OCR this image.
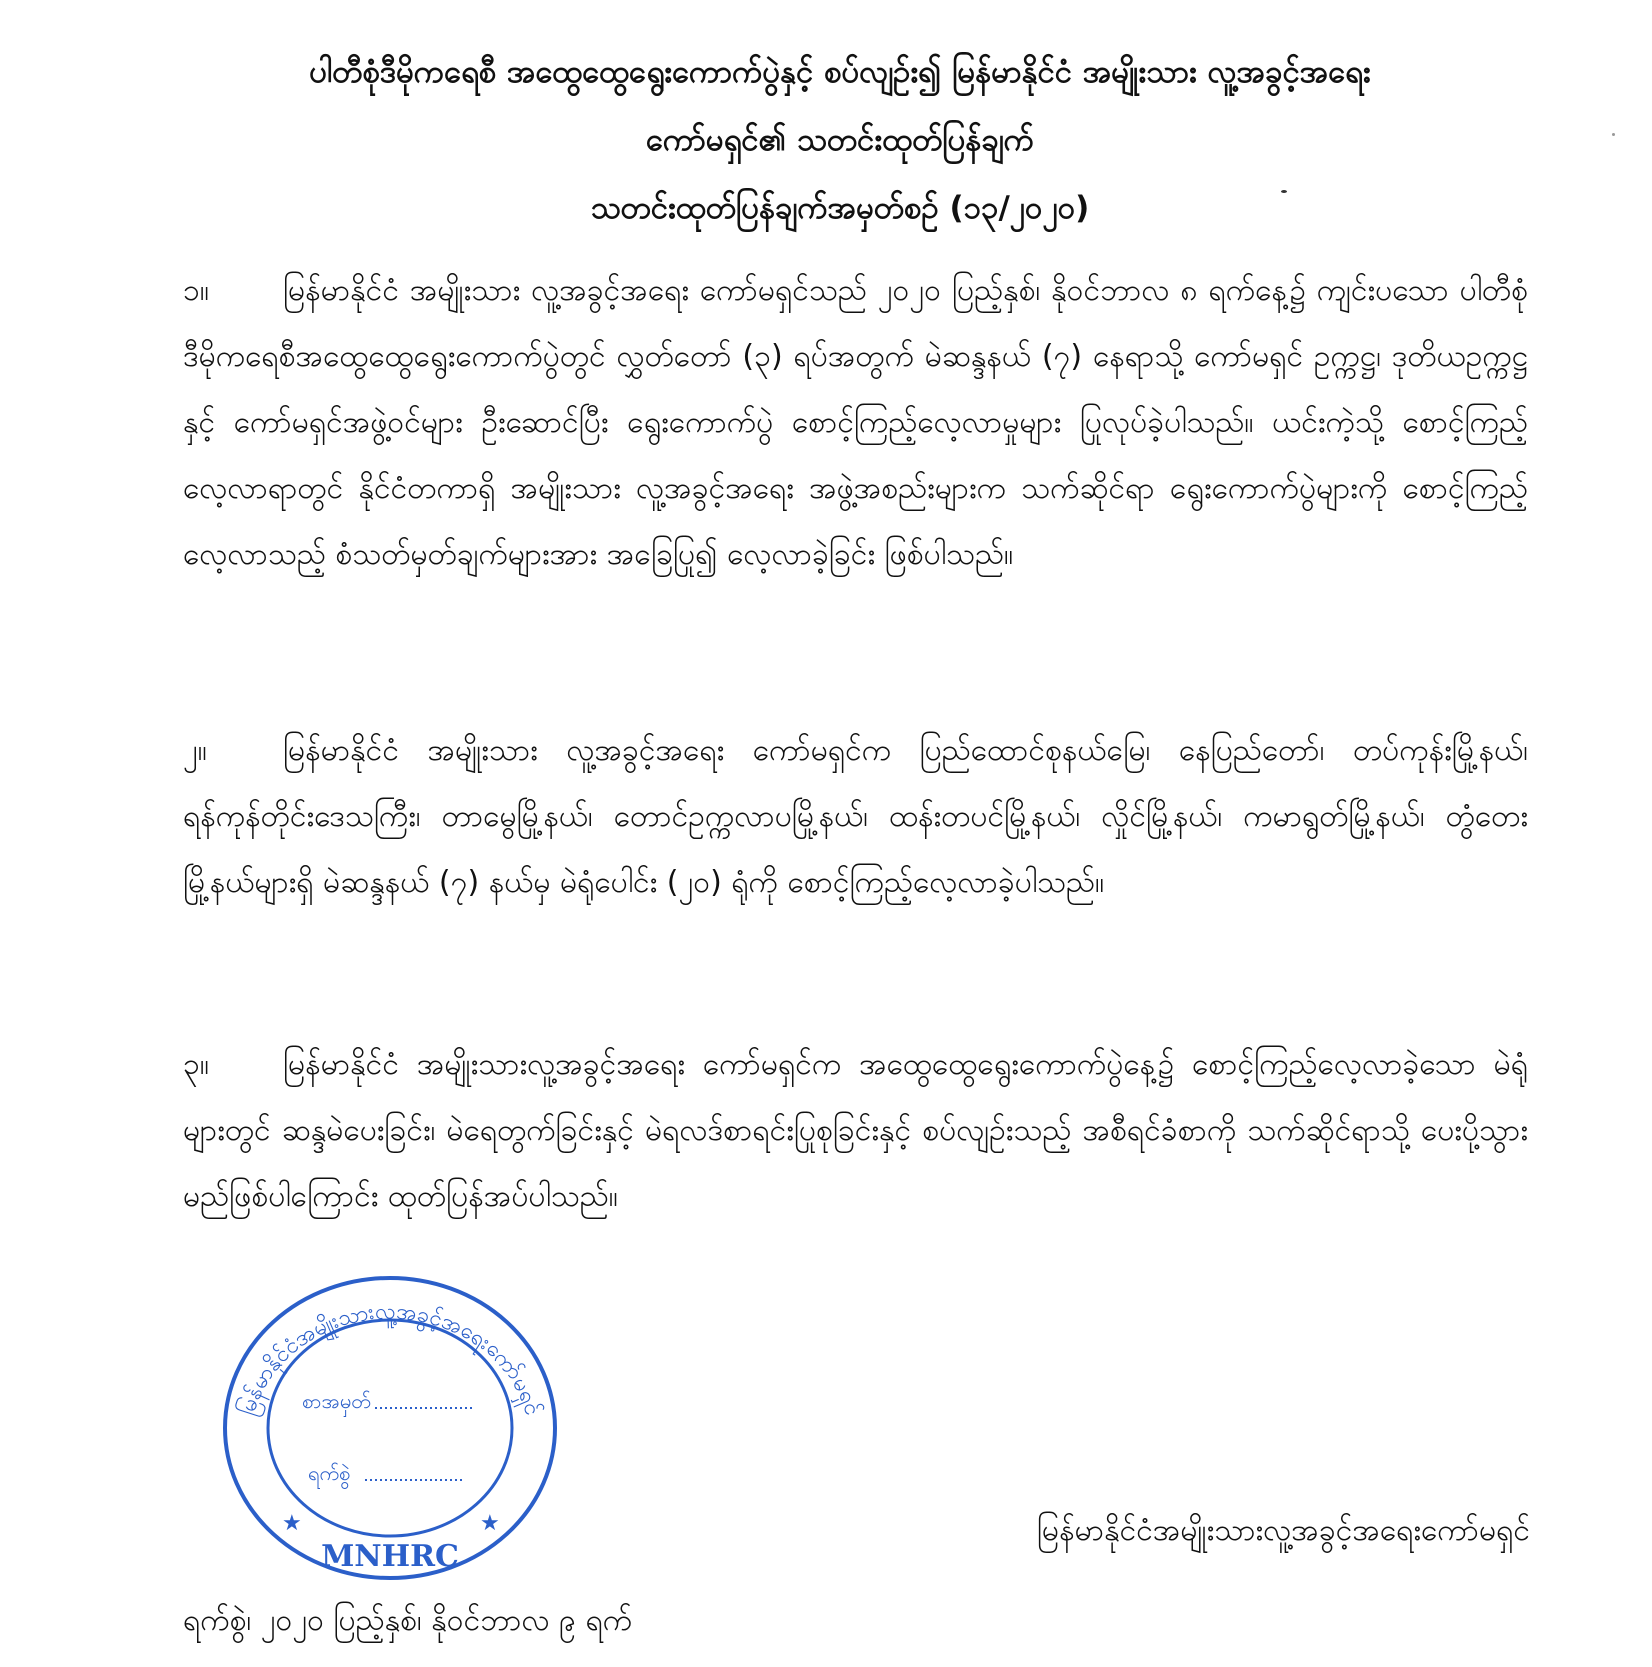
ပါတီစုံဒီမိုကရေစီ အထွေထွေရွေးကောက်ပွဲနှင့် စပ်လျဉ်း၍ မြန်မာနိုင်ငံ အမျိုးသား လူ့အခွင့်အရေး
ကော်မရှင်၏ သတင်းထုတ်ပြန်ချက်
သတင်းထုတ်ပြန်ချက်အမှတ်စဉ် (၁၃/၂၀၂၀)
၁။ မြန်မာနိုင်ငံ အမျိုးသား လူ့အခွင့်အရေး ကော်မရှင်သည် ၂၀၂၀ ပြည့်နှစ်၊ နိုဝင်ဘာလ ၈ ရက်နေ့၌ ကျင်းပသော ပါတီစုံဒီမိုကရေစီအထွေထွေရွေးကောက်ပွဲတွင် လွှတ်တော် (၃) ရပ်အတွက် မဲဆန္ဒနယ် (၇) နေရာသို့ ကော်မရှင် ဥက္ကဋ္ဌ၊ ဒုတိယဥက္ကဋ္ဌနှင့် ကော်မရှင်အဖွဲ့ဝင်များ ဦးဆောင်ပြီး ရွေးကောက်ပွဲ စောင့်ကြည့်လေ့လာမှုများ ပြုလုပ်ခဲ့ပါသည်။ ယင်းကဲ့သို့ စောင့်ကြည့်လေ့လာရာတွင် နိုင်ငံတကာရှိ အမျိုးသား လူ့အခွင့်အရေး အဖွဲ့အစည်းများက သက်ဆိုင်ရာ ရွေးကောက်ပွဲများကို စောင့်ကြည့်လေ့လာသည့် စံသတ်မှတ်ချက်များအား အခြေပြု၍ လေ့လာခဲ့ခြင်း ဖြစ်ပါသည်။
၂။	မြန်မာနိုင်ငံ အမျိုးသား လူ့အခွင့်အရေး ကော်မရှင်က ပြည်ထောင်စုနယ်မြေ၊ နေပြည်တော်၊ တပ်ကုန်းမြို့နယ်၊ ရန်ကုန်တိုင်းဒေသကြီး၊ တာမွေမြို့နယ်၊ တောင်ဥက္ကလာပမြို့နယ်၊ ထန်းတပင်မြို့နယ်၊ လှိုင်မြို့နယ်၊ ကမာရွတ်မြို့နယ်၊ တွံတေးမြို့နယ်များရှိ မဲဆန္ဒနယ် (၇) နယ်မှ မဲရုံပေါင်း (၂၀) ရုံကို စောင့်ကြည့်လေ့လာခဲ့ပါသည်။
၃။ မြန်မာနိုင်ငံ အမျိုးသားလူ့အခွင့်အရေး ကော်မရှင်က အထွေထွေရွေးကောက်ပွဲနေ့၌ စောင့်ကြည့်လေ့လာခဲ့သော မဲရုံများတွင် ဆန္ဒမဲပေးခြင်း၊ မဲရေတွက်ခြင်းနှင့် မဲရလဒ်စာရင်းပြုစုခြင်းနှင့် စပ်လျဉ်းသည့် အစီရင်ခံစာကို သက်ဆိုင်ရာသို့ ပေးပို့သွားမည်ဖြစ်ပါကြောင်း ထုတ်ပြန်အပ်ပါသည်။
မြန်မာနိုင်ငံအမျိုးသားလူ့အခွင့်အရေးကော်မရှင်
စာအမှတ်
ရက်စွဲ
★	★
MNHRC
မြန်မာနိုင်ငံအမျိုးသားလူ့အခွင့်အရေးကော်မရှင်
ရက်စွဲ၊ ၂၀၂၀ ပြည့်နှစ်၊ နိုဝင်ဘာလ ၉ ရက်
